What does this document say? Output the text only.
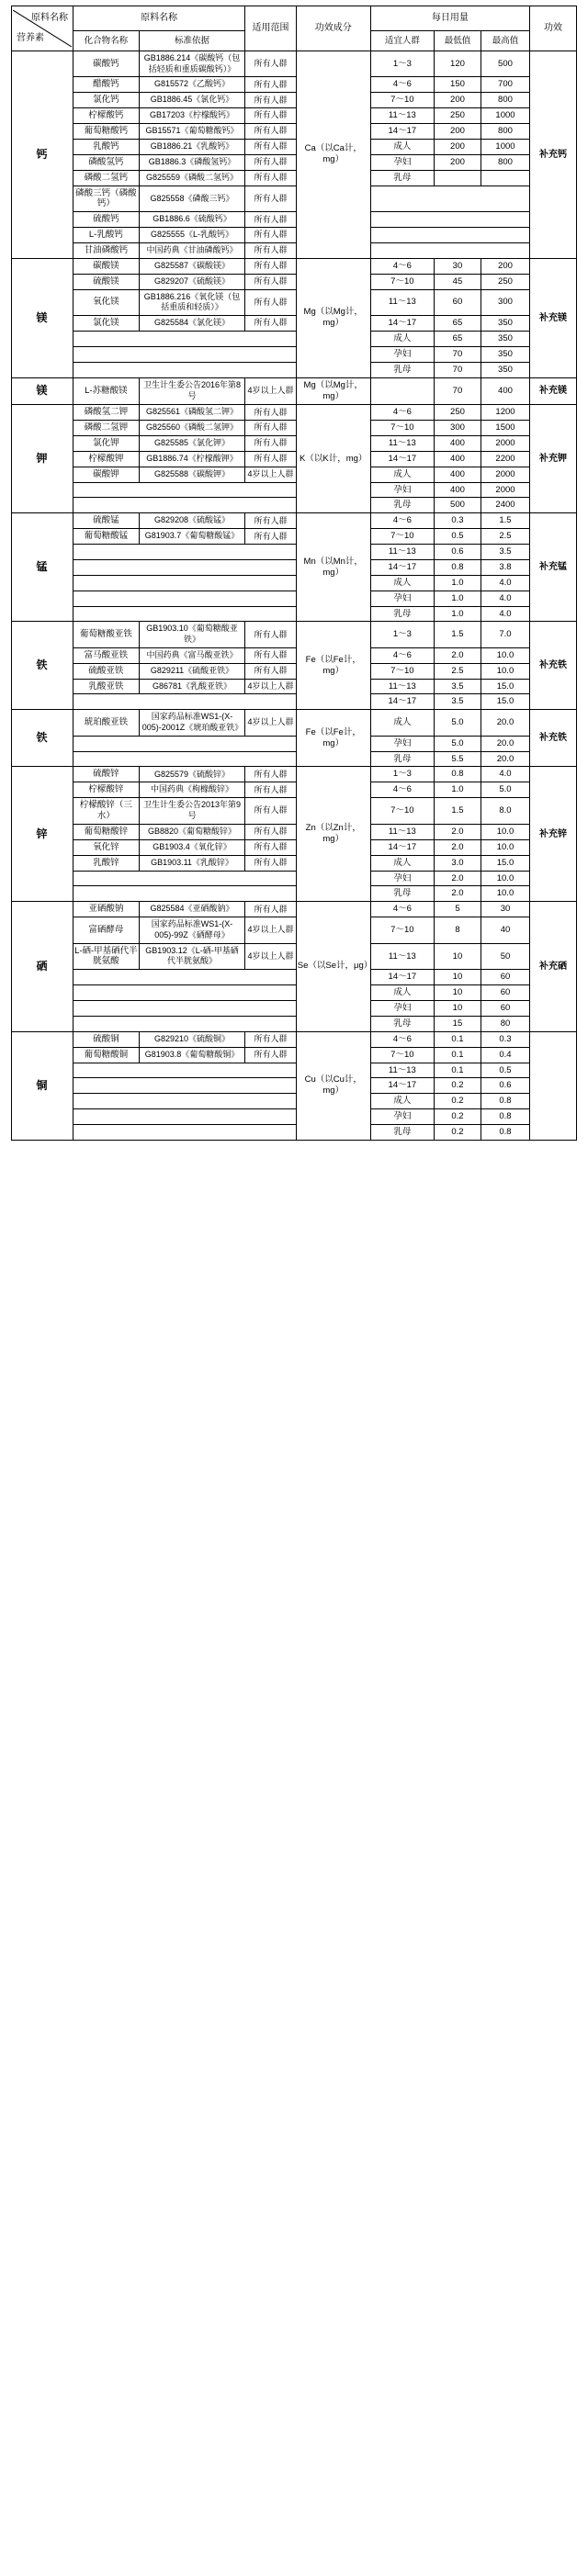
营养素
原料名称	原料名称		适用范围	功效成分	每日用量			功效
	化合物名称	标准依据			适宜人群	最低值	最高值	
钙	碳酸钙	GB1886.214《碳酸钙（包括轻质和重质碳酸钙）》	所有人群	Ca（以Ca计，mg）	1～3	120	500	补充钙
	醋酸钙	G815572《乙酸钙》	所有人群		4～6	150	700	
	氯化钙	GB1886.45《氯化钙》	所有人群		7～10	200	800	
	柠檬酸钙	GB17203《柠檬酸钙》	所有人群		11～13	250	1000	
	葡萄糖酸钙	GB15571《葡萄糖酸钙》	所有人群		14～17	200	800	
	乳酸钙	GB1886.21《乳酸钙》	所有人群		成人	200	1000	
	磷酸氢钙	GB1886.3《磷酸氢钙》	所有人群		孕妇	200	800	
	磷酸二氢钙	G825559《磷酸二氢钙》	所有人群		乳母			
	磷酸三钙（磷酸钙）	G825558《磷酸三钙》	所有人群					
	硫酸钙	GB1886.6《硫酸钙》	所有人群					
	L-乳酸钙	G825555《L-乳酸钙》	所有人群					
	甘油磷酸钙	中国药典《甘油磷酸钙》	所有人群					
镁	碳酸镁	G825587《碳酸镁》	所有人群	Mg（以Mg计，mg）	4～6	30	200	补充镁
	硫酸镁	G829207《硫酸镁》	所有人群		7～10	45	250	
	氧化镁	GB1886.216《氧化镁（包括重质和轻质）》	所有人群		11～13	60	300	
	氯化镁	G825584《氯化镁》	所有人群		14～17	65	350	
					成人	65	350	
					孕妇	70	350	
					乳母	70	350	
镁	L-苏糖酸镁	卫生计生委公告2016年第8号	4岁以上人群	Mg（以Mg计，mg）		70	400	补充镁
钾	磷酸氢二钾	G825561《磷酸氢二钾》	所有人群	K（以K计，mg）	4～6	250	1200	补充钾
	磷酸二氢钾	G825560《磷酸二氢钾》	所有人群		7～10	300	1500	
	氯化钾	G825585《氯化钾》	所有人群		11～13	400	2000	
	柠檬酸钾	GB1886.74《柠檬酸钾》	所有人群		14～17	400	2200	
	碳酸钾	G825588《碳酸钾》	4岁以上人群		成人	400	2000	
					孕妇	400	2000	
					乳母	500	2400	
锰	硫酸锰	G829208《硫酸锰》	所有人群	Mn（以Mn计，mg）	4～6	0.3	1.5	补充锰
	葡萄糖酸锰	G81903.7《葡萄糖酸锰》	所有人群		7～10	0.5	2.5	
					11～13	0.6	3.5	
					14～17	0.8	3.8	
					成人	1.0	4.0	
					孕妇	1.0	4.0	
					乳母	1.0	4.0	
铁	葡萄糖酸亚铁	GB1903.10《葡萄糖酸亚铁》	所有人群	Fe（以Fe计，mg）	1～3	1.5	7.0	补充铁
	富马酸亚铁	中国药典《富马酸亚铁》	所有人群		4～6	2.0	10.0	
	硫酸亚铁	G829211《硫酸亚铁》	所有人群		7～10	2.5	10.0	
	乳酸亚铁	G86781《乳酸亚铁》	4岁以上人群		11～13	3.5	15.0	
					14～17	3.5	15.0	
铁	琥珀酸亚铁	国家药品标准WS1-(X-005)-2001Z《琥珀酸亚铁》	4岁以上人群	Fe（以Fe计，mg）	成人	5.0	20.0	补充铁
					孕妇	5.0	20.0	
					乳母	5.5	20.0	
锌	硫酸锌	G825579《硫酸锌》	所有人群	Zn（以Zn计，mg）	1～3	0.8	4.0	补充锌
	柠檬酸锌	中国药典《枸橼酸锌》	所有人群		4～6	1.0	5.0	
	柠檬酸锌（三水）	卫生计生委公告2013年第9号	所有人群		7～10	1.5	8.0	
	葡萄糖酸锌	GB8820《葡萄糖酸锌》	所有人群		11～13	2.0	10.0	
	氧化锌	GB1903.4《氧化锌》	所有人群		14～17	2.0	10.0	
	乳酸锌	GB1903.11《乳酸锌》	所有人群		成人	3.0	15.0	
					孕妇	2.0	10.0	
					乳母	2.0	10.0	
硒	亚硒酸钠	G825584《亚硒酸钠》	所有人群	Se（以Se计，μg）	4～6	5	30	补充硒
	富硒酵母	国家药品标准WS1-(X-005)-99Z《硒酵母》	4岁以上人群		7～10	8	40	
	L-硒-甲基硒代半胱氨酸	GB1903.12《L-硒-甲基硒代半胱氨酸》	4岁以上人群		11～13	10	50	
					14～17	10	60	
					成人	10	60	
					孕妇	10	60	
					乳母	15	80	
铜	硫酸铜	G829210《硫酸铜》	所有人群	Cu（以Cu计，mg）	4～6	0.1	0.3	
	葡萄糖酸铜	G81903.8《葡萄糖酸铜》	所有人群		7～10	0.1	0.4	
					11～13	0.1	0.5	
					14～17	0.2	0.6	
					成人	0.2	0.8	
					孕妇	0.2	0.8	
					乳母	0.2	0.8	
